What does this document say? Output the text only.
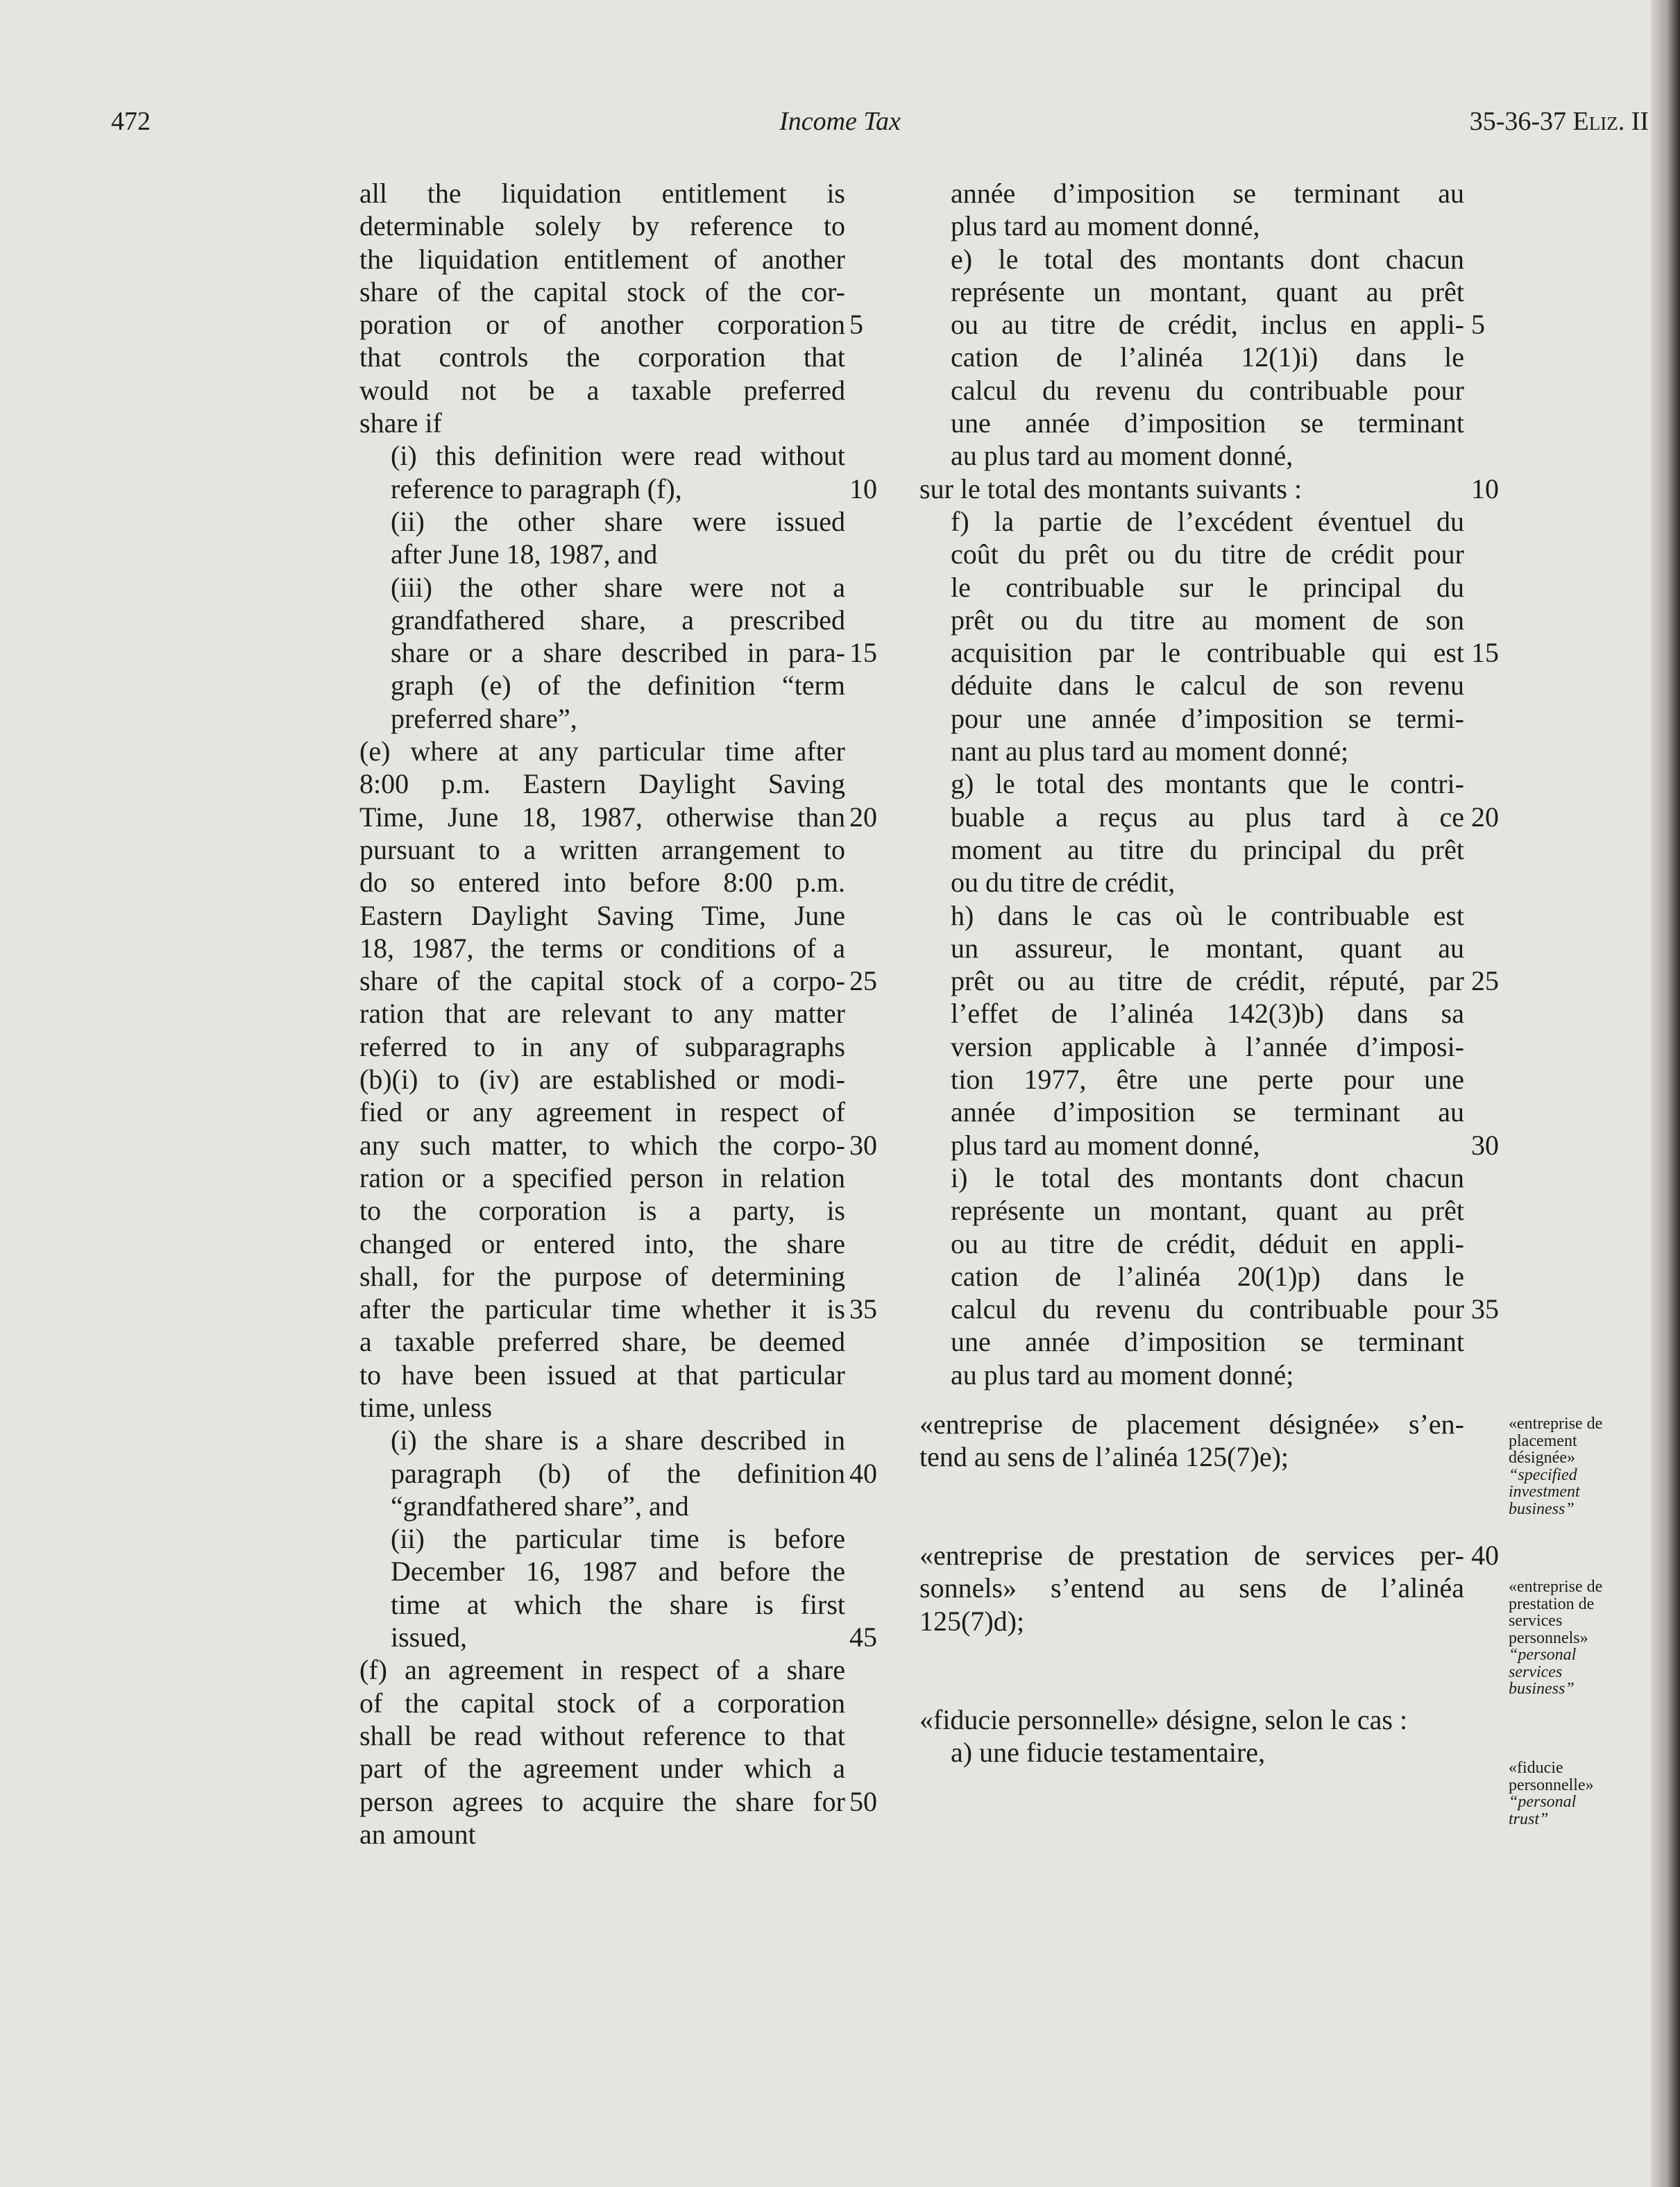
472	Income Tax	35-36-37 Eliz. II
all the liquidation entitlement is
determinable solely by reference to
the liquidation entitlement of another
share of the capital stock of the cor-
poration or of another corporation 5
that controls the corporation that
would not be a taxable preferred
share if
(i) this definition were read without
reference to paragraph (f),	10
(ii) the other share were issued
after June 18, 1987, and
(iii) the other share were not a
grandfathered share, a prescribed
share or a share described in para- 15
graph (e) of the definition “term
preferred share”,
(e) where at any particular time after
8:00 p.m. Eastern Daylight Saving
Time, June 18, 1987, otherwise than 20
pursuant to a written arrangement to
do so entered into before 8:00 p.m.
Eastern Daylight Saving Time, June
18, 1987, the terms or conditions of a
share of the capital stock of a corpo- 25
ration that are relevant to any matter
referred to in any of subparagraphs
(b)(i) to (iv) are established or modi-
fied or any agreement in respect of
any such matter, to which the corpo- 30
ration or a specified person in relation
to the corporation is a party, is
changed or entered into, the share
shall, for the purpose of determining
after the particular time whether it is 35
a taxable preferred share, be deemed
to have been issued at that particular
time, unless
(i) the share is a share described in
paragraph (b) of the definition 40
“grandfathered share”, and
(ii) the particular time is before
December 16, 1987 and before the
time at which the share is first
issued,	45
(f) an agreement in respect of a share
of the capital stock of a corporation
shall be read without reference to that
part of the agreement under which a
person agrees to acquire the share for 50
an amount
année d’imposition se terminant au
plus tard au moment donné,
e) le total des montants dont chacun
représente un montant, quant au prêt
ou au titre de crédit, inclus en appli- 5
cation de l’alinéa 12(1)i) dans le
calcul du revenu du contribuable pour
une année d’imposition se terminant
au plus tard au moment donné,
sur le total des montants suivants :	10
f) la partie de l’excédent éventuel du
coût du prêt ou du titre de crédit pour
le contribuable sur le principal du
prêt ou du titre au moment de son
acquisition par le contribuable qui est 15
déduite dans le calcul de son revenu
pour une année d’imposition se termi-
nant au plus tard au moment donné;
g) le total des montants que le contri-
buable a reçus au plus tard à ce 20
moment au titre du principal du prêt
ou du titre de crédit,
h) dans le cas où le contribuable est
un assureur, le montant, quant au
prêt ou au titre de crédit, réputé, par 25
l’effet de l’alinéa 142(3)b) dans sa
version applicable à l’année d’imposi-
tion 1977, être une perte pour une
année d’imposition se terminant au
plus tard au moment donné,	30
i) le total des montants dont chacun
représente un montant, quant au prêt
ou au titre de crédit, déduit en appli-
cation de l’alinéa 20(1)p) dans le
calcul du revenu du contribuable pour 35
une année d’imposition se terminant
au plus tard au moment donné;
«entreprise de placement désignée» s’en-
tend au sens de l’alinéa 125(7)e);
«entreprise de prestation de services per- 40
sonnels» s’entend au sens de l’alinéa
125(7)d);
«fiducie personnelle» désigne, selon le cas :
a) une fiducie testamentaire,
«entreprise de
placement
désignée»
“specified
investment
business”
«entreprise de
prestation de
services
personnels»
“personal
services
business”
«fiducie
personnelle»
“personal
trust”
